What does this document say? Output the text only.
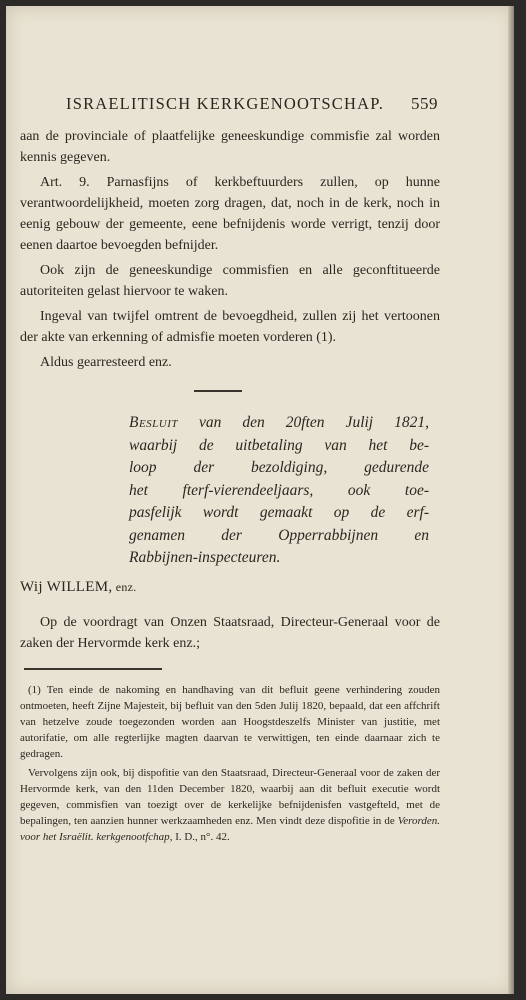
ISRAELITISCH KERKGENOOTSCHAP. 559

aan de provinciale of plaatfelijke geneeskundige commisfie zal worden kennis gegeven.

Art. 9. Parnasfijns of kerkbeftuurders zullen, op hunne verantwoordelijkheid, moeten zorg dragen, dat, noch in de kerk, noch in eenig gebouw der gemeente, eene befnijdenis worde verrigt, tenzij door eenen daartoe bevoegden befnijder.

Ook zijn de geneeskundige commisfien en alle geconftitueerde autoriteiten gelast hiervoor te waken.

Ingeval van twijfel omtrent de bevoegdheid, zullen zij het vertoonen der akte van erkenning of admisfie moeten vorderen (1).

Aldus gearresteerd enz.

Besluit van den 20ften Julij 1821,
waarbij de uitbetaling van het be-
loop der bezoldiging, gedurende
het fterf-vierendeeljaars, ook toe-
pasfelijk wordt gemaakt op de erf-
genamen der Opperrabbijnen en
Rabbijnen-inspecteuren.
Wij WILLEM, enz.

Op de voordragt van Onzen Staatsraad, Directeur-Generaal voor de zaken der Hervormde kerk enz.;

(1) Ten einde de nakoming en handhaving van dit befluit geene verhindering zouden ontmoeten, heeft Zijne Majesteit, bij befluit van den 5den Julij 1820, bepaald, dat een affchrift van hetzelve zoude toegezonden worden aan Hoogstdeszelfs Minister van justitie, met autorifatie, om alle regterlijke magten daarvan te verwittigen, ten einde daarnaar zich te gedragen.

Vervolgens zijn ook, bij dispofitie van den Staatsraad, Directeur-Generaal voor de zaken der Hervormde kerk, van den 11den December 1820, waarbij aan dit befluit executie wordt gegeven, commisfien van toezigt over de kerkelijke befnijdenisfen vastgefteld, met de bepalingen, ten aanzien hunner werkzaamheden enz. Men vindt deze dispofitie in de Verorden. voor het Israëlit. kerkgenootfchap, I. D., n°. 42.
